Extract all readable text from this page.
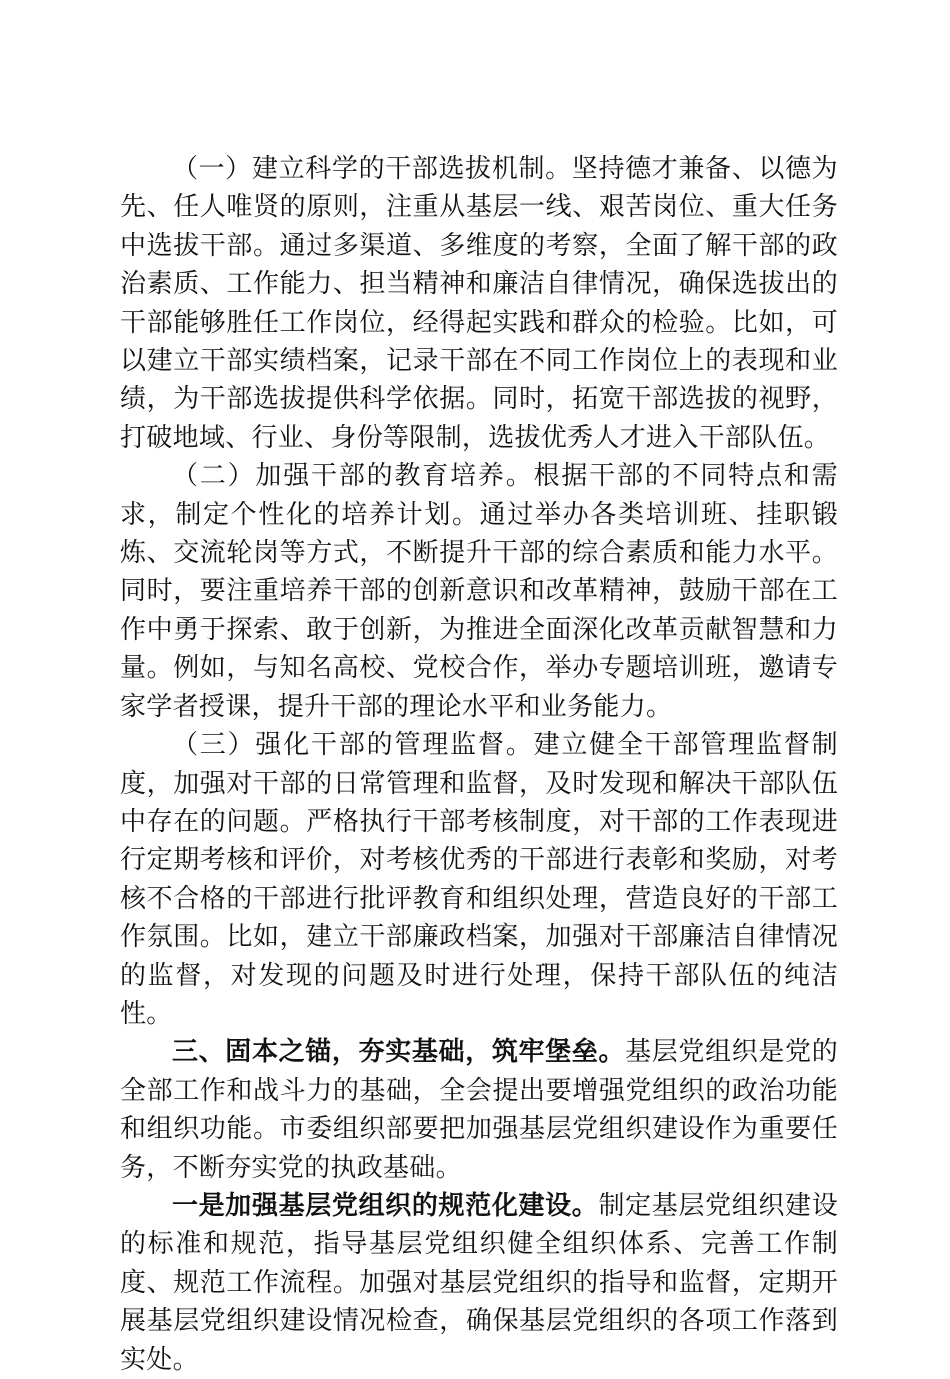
（一）建立科学的干部选拔机制。坚持德才兼备、以德为先、任人唯贤的原则，注重从基层一线、艰苦岗位、重大任务中选拔干部。通过多渠道、多维度的考察，全面了解干部的政治素质、工作能力、担当精神和廉洁自律情况，确保选拔出的干部能够胜任工作岗位，经得起实践和群众的检验。比如，可以建立干部实绩档案，记录干部在不同工作岗位上的表现和业绩，为干部选拔提供科学依据。同时，拓宽干部选拔的视野，打破地域、行业、身份等限制，选拔优秀人才进入干部队伍。

（二）加强干部的教育培养。根据干部的不同特点和需求，制定个性化的培养计划。通过举办各类培训班、挂职锻炼、交流轮岗等方式，不断提升干部的综合素质和能力水平。同时，要注重培养干部的创新意识和改革精神，鼓励干部在工作中勇于探索、敢于创新，为推进全面深化改革贡献智慧和力量。例如，与知名高校、党校合作，举办专题培训班，邀请专家学者授课，提升干部的理论水平和业务能力。

（三）强化干部的管理监督。建立健全干部管理监督制度，加强对干部的日常管理和监督，及时发现和解决干部队伍中存在的问题。严格执行干部考核制度，对干部的工作表现进行定期考核和评价，对考核优秀的干部进行表彰和奖励，对考核不合格的干部进行批评教育和组织处理，营造良好的干部工作氛围。比如，建立干部廉政档案，加强对干部廉洁自律情况的监督，对发现的问题及时进行处理，保持干部队伍的纯洁性。

三、固本之锚，夯实基础，筑牢堡垒。基层党组织是党的全部工作和战斗力的基础，全会提出要增强党组织的政治功能和组织功能。市委组织部要把加强基层党组织建设作为重要任务，不断夯实党的执政基础。

一是加强基层党组织的规范化建设。制定基层党组织建设的标准和规范，指导基层党组织健全组织体系、完善工作制度、规范工作流程。加强对基层党组织的指导和监督，定期开展基层党组织建设情况检查，确保基层党组织的各项工作落到实处。
